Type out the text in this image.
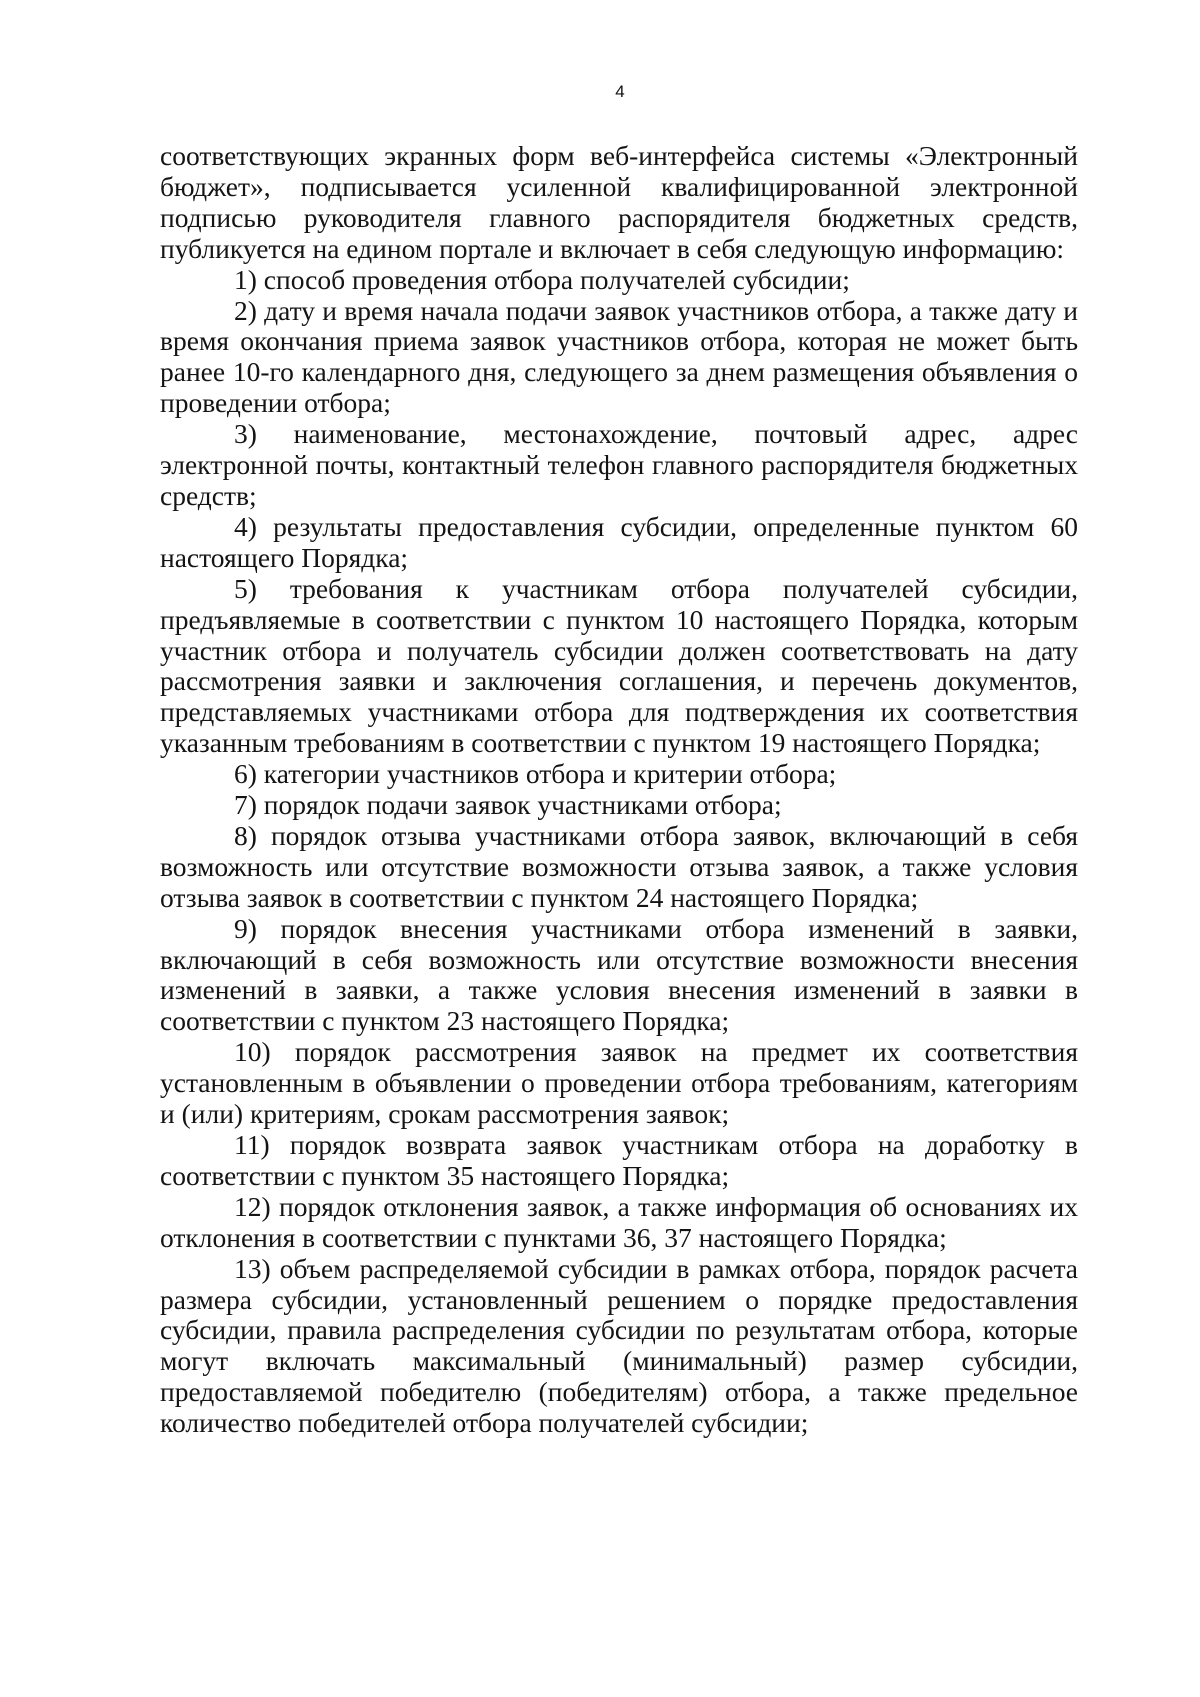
4

соответствующих экранных форм веб-интерфейса системы «Электронный бюджет», подписывается усиленной квалифицированной электронной подписью руководителя главного распорядителя бюджетных средств, публикуется на едином портале и включает в себя следующую информацию:

1) способ проведения отбора получателей субсидии;

2) дату и время начала подачи заявок участников отбора, а также дату и время окончания приема заявок участников отбора, которая не может быть ранее 10-го календарного дня, следующего за днем размещения объявления о проведении отбора;

3) наименование, местонахождение, почтовый адрес, адрес электронной почты, контактный телефон главного распорядителя бюджетных средств;

4) результаты предоставления субсидии, определенные пунктом 60 настоящего Порядка;

5) требования к участникам отбора получателей субсидии, предъявляемые в соответствии с пунктом 10 настоящего Порядка, которым участник отбора и получатель субсидии должен соответствовать на дату рассмотрения заявки и заключения соглашения, и перечень документов, представляемых участниками отбора для подтверждения их соответствия указанным требованиям в соответствии с пунктом 19 настоящего Порядка;

6) категории участников отбора и критерии отбора;

7) порядок подачи заявок участниками отбора;

8) порядок отзыва участниками отбора заявок, включающий в себя возможность или отсутствие возможности отзыва заявок, а также условия отзыва заявок в соответствии с пунктом 24 настоящего Порядка;

9) порядок внесения участниками отбора изменений в заявки, включающий в себя возможность или отсутствие возможности внесения изменений в заявки, а также условия внесения изменений в заявки в соответствии с пунктом 23 настоящего Порядка;

10) порядок рассмотрения заявок на предмет их соответствия установленным в объявлении о проведении отбора требованиям, категориям и (или) критериям, срокам рассмотрения заявок;

11) порядок возврата заявок участникам отбора на доработку в соответствии с пунктом 35 настоящего Порядка;

12) порядок отклонения заявок, а также информация об основаниях их отклонения в соответствии с пунктами 36, 37 настоящего Порядка;

13) объем распределяемой субсидии в рамках отбора, порядок расчета размера субсидии, установленный решением о порядке предоставления субсидии, правила распределения субсидии по результатам отбора, которые могут включать максимальный (минимальный) размер субсидии, предоставляемой победителю (победителям) отбора, а также предельное количество победителей отбора получателей субсидии;
